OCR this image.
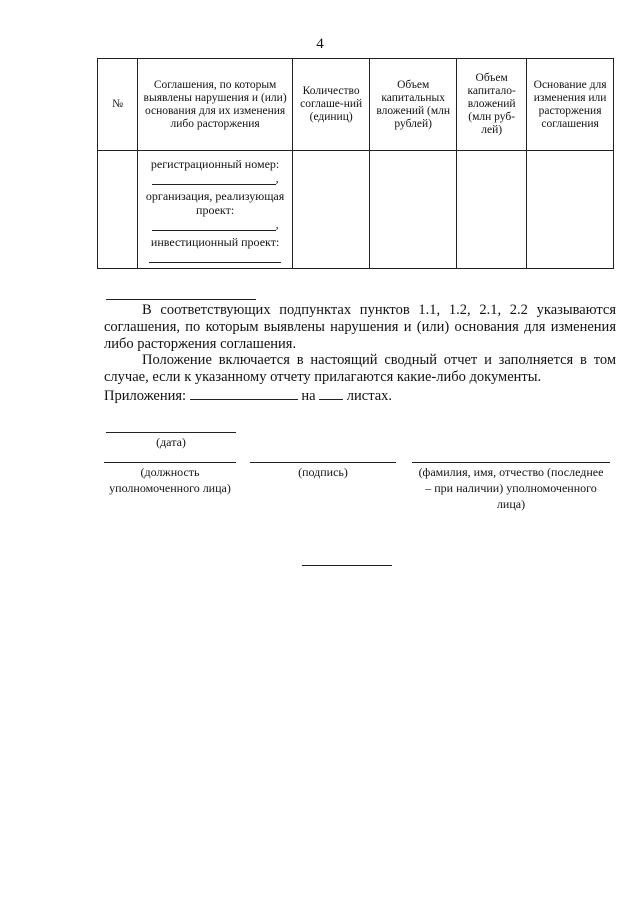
4
№	Соглашения, по которым выявлены нарушения и (или) основания для их изменения либо расторжения	Количество соглаше-ний (единиц)	Объем капитальных вложений (млн рублей)	Объем капитало-вложений (млн руб-лей)	Основание для изменения или расторжения соглашения

	регистрационный номер:
,
организация, реализующая проект:
,
инвестиционный проект:				

В соответствующих подпунктах пунктов 1.1, 1.2, 2.1, 2.2 указываются соглашения, по которым выявлены нарушения и (или) основания для изменения либо расторжения соглашения.

Положение включается в настоящий сводный отчет и заполняется в том случае, если к указанному отчету прилагаются какие-либо документы.

Приложения:	на листах.

(дата)
(должность уполномоченного лица)
(подпись)	(фамилия, имя, отчество (последнее – при наличии) уполномоченного лица)
